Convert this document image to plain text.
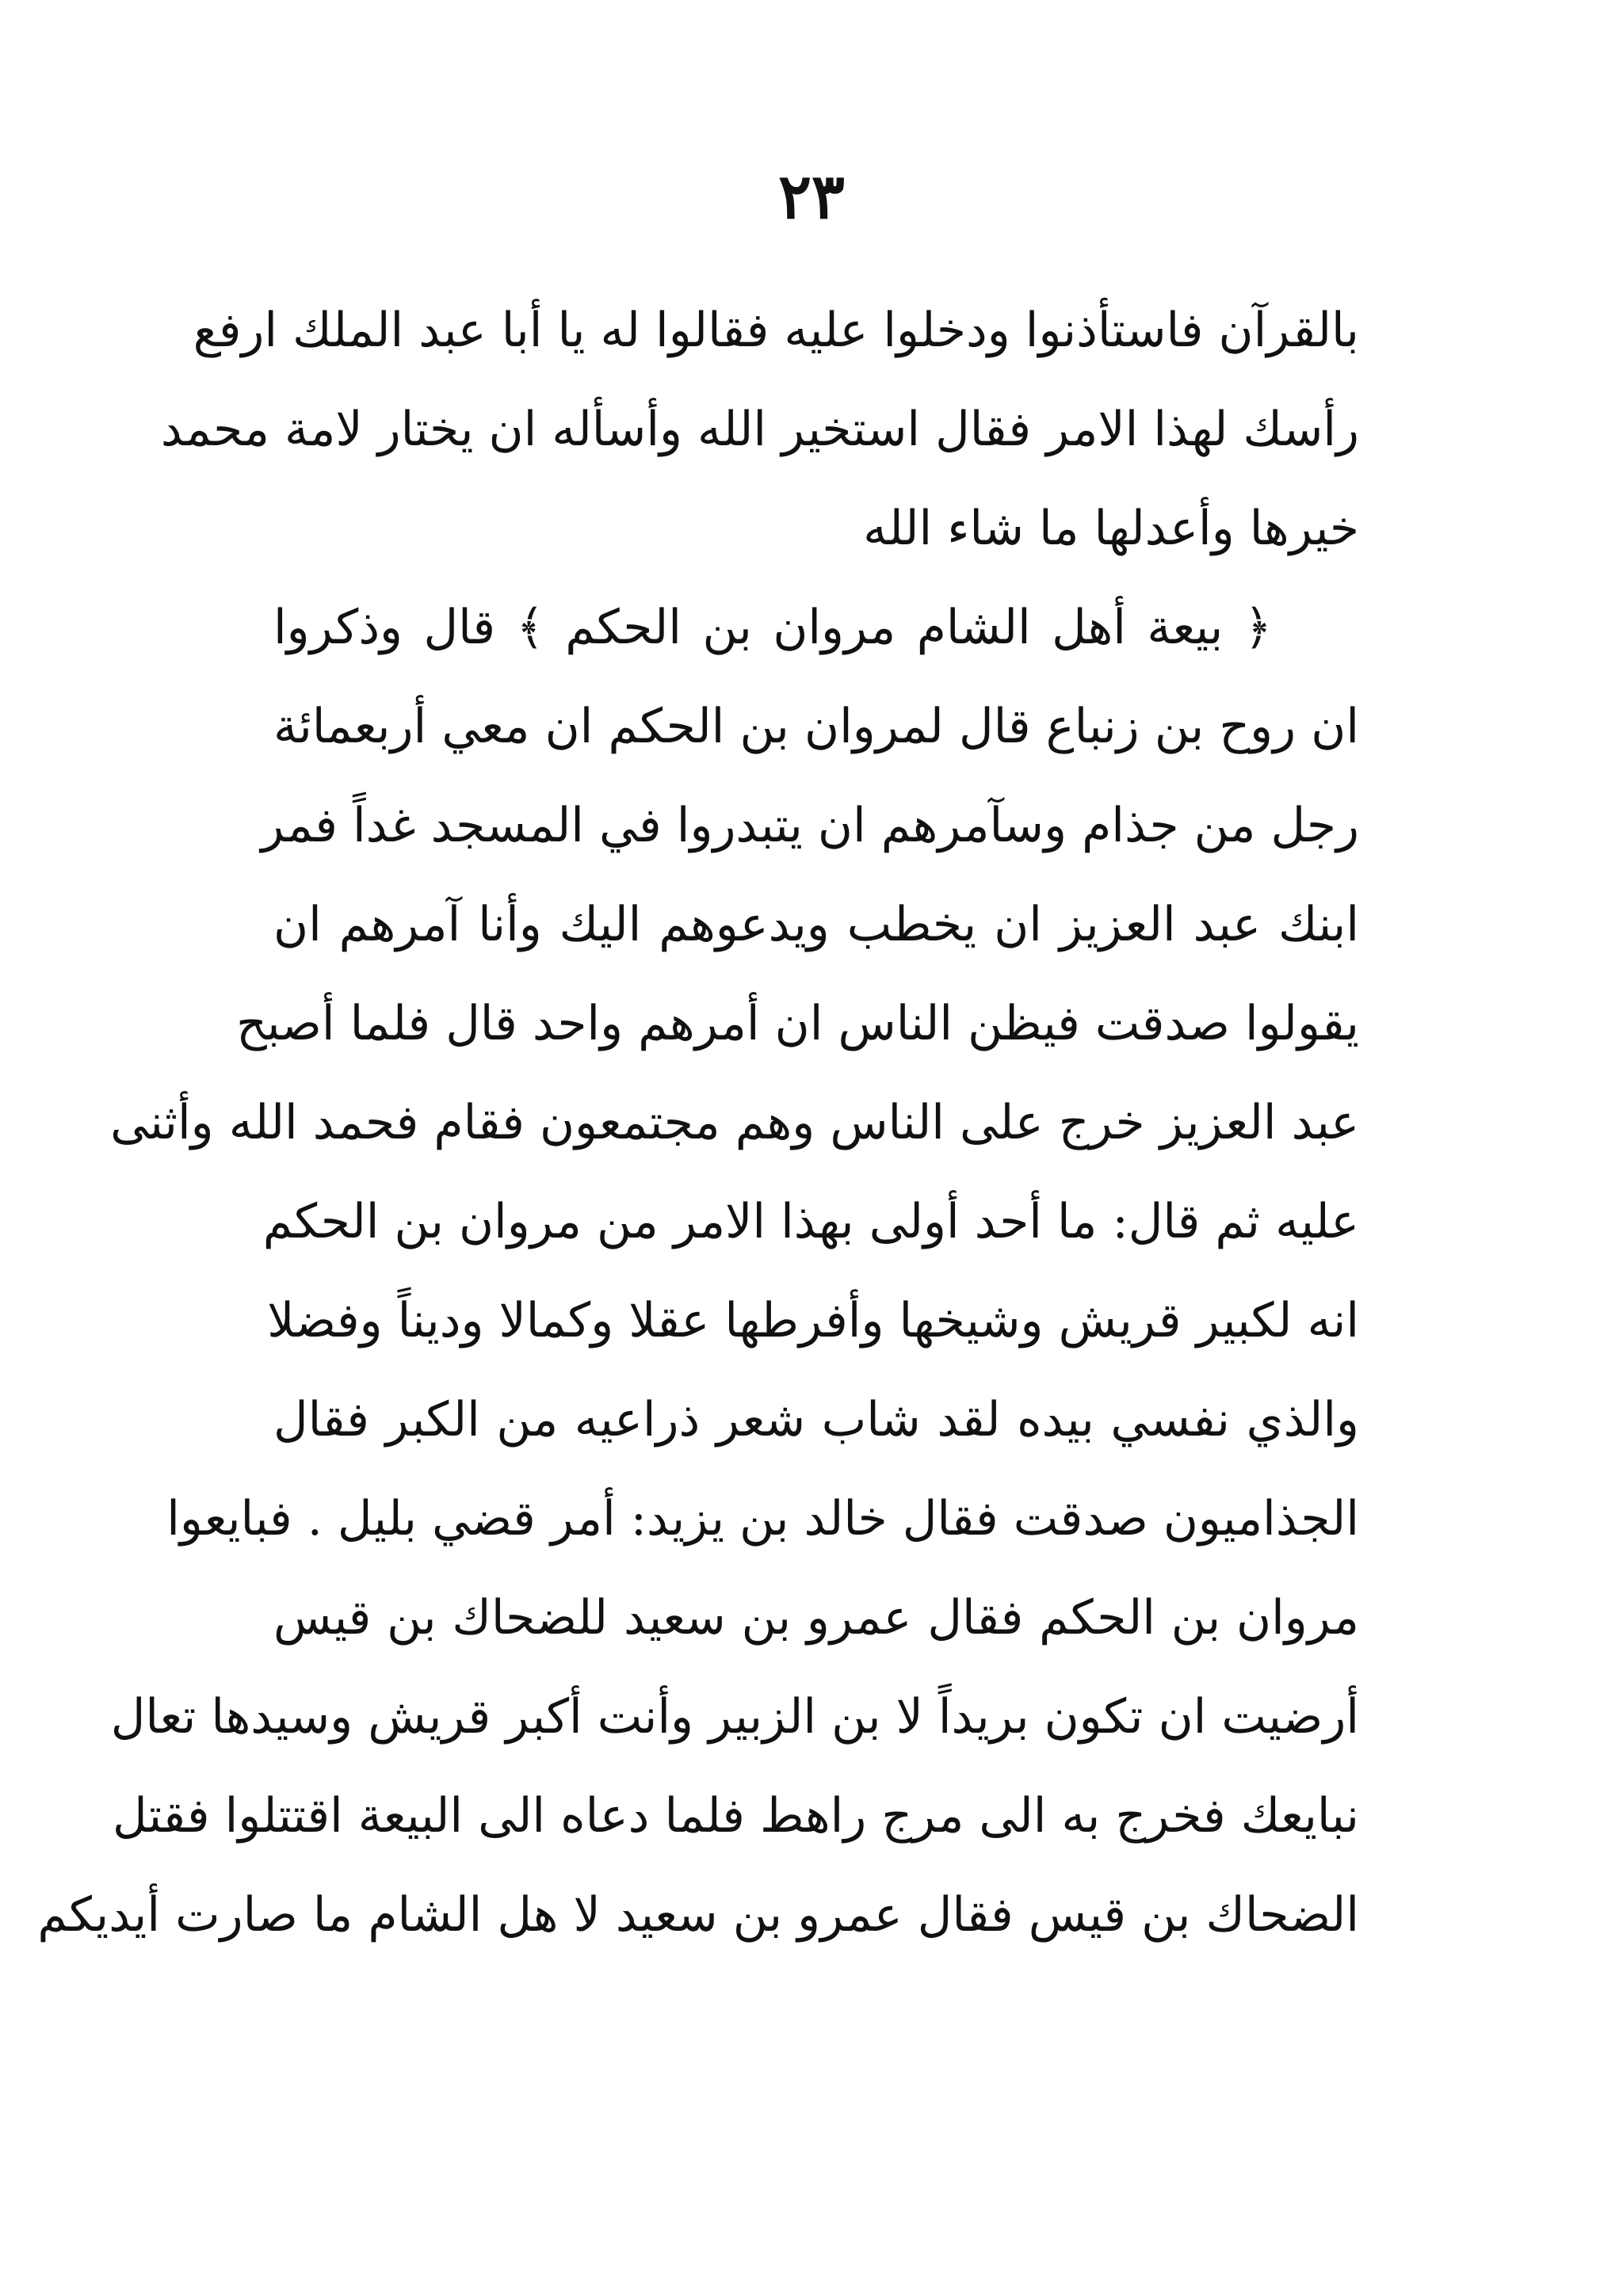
٢٣
بالقرآن فاستأذنوا ودخلوا عليه فقالوا له يا أبا عبد الملك ارفع
رأسك لهذا الامر فقال استخير الله وأسأله ان يختار لامة محمد
خيرها وأعدلها ما شاء الله
﴿ بيعة أهل الشام مروان بن الحكم ﴾ قال وذكروا
ان روح بن زنباع قال لمروان بن الحكم ان معي أربعمائة
رجل من جذام وسآمرهم ان يتبدروا في المسجد غداً فمر
ابنك عبد العزيز ان يخطب ويدعوهم اليك وأنا آمرهم ان
يقولوا صدقت فيظن الناس ان أمرهم واحد قال فلما أصبح
عبد العزيز خرج على الناس وهم مجتمعون فقام فحمد الله وأثنى
عليه ثم قال: ما أحد أولى بهذا الامر من مروان بن الحكم
انه لكبير قريش وشيخها وأفرطها عقلا وكمالا وديناً وفضلا
والذي نفسي بيده لقد شاب شعر ذراعيه من الكبر فقال
الجذاميون صدقت فقال خالد بن يزيد: أمر قضي بليل . فبايعوا
مروان بن الحكم فقال عمرو بن سعيد للضحاك بن قيس
أرضيت ان تكون بريداً لا بن الزبير وأنت أكبر قريش وسيدها تعال
نبايعك فخرج به الى مرج راهط فلما دعاه الى البيعة اقتتلوا فقتل
الضحاك بن قيس فقال عمرو بن سعيد لا هل الشام ما صارت أيديكم
